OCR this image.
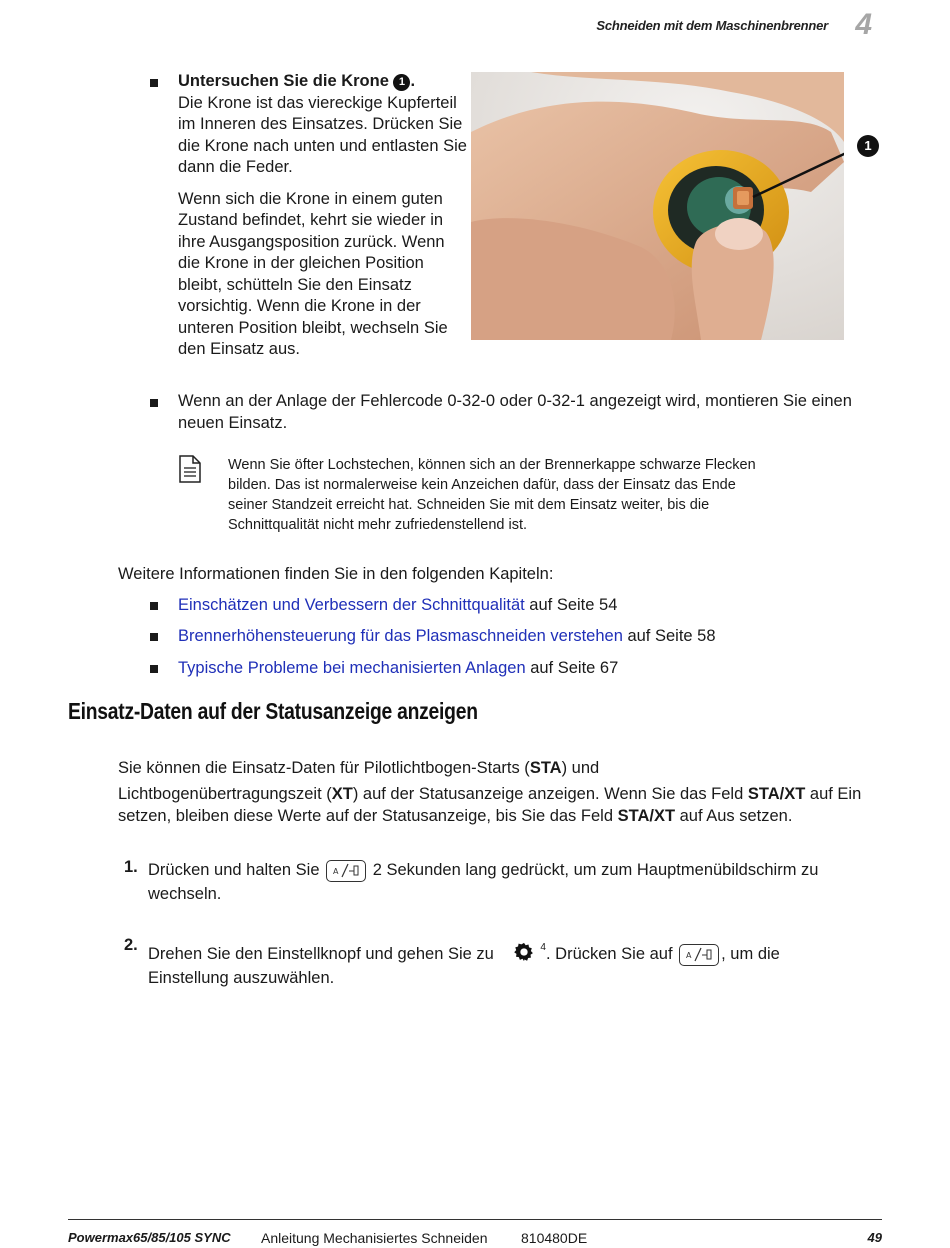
Schneiden mit dem Maschinenbrenner 4

Untersuchen Sie die Krone 1 .
Die Krone ist das viereckige Kupferteil im Inneren des Einsatzes. Drücken Sie die Krone nach unten und entlasten Sie dann die Feder.

Wenn sich die Krone in einem guten Zustand befindet, kehrt sie wieder in ihre Ausgangsposition zurück. Wenn die Krone in der gleichen Position bleibt, schütteln Sie den Einsatz vorsichtig. Wenn die Krone in der unteren Position bleibt, wechseln Sie den Einsatz aus.

1
Wenn an der Anlage der Fehlercode 0-32-0 oder 0-32-1 angezeigt wird, montieren Sie einen neuen Einsatz.
Wenn Sie öfter Lochstechen, können sich an der Brennerkappe schwarze Flecken bilden. Das ist normalerweise kein Anzeichen dafür, dass der Einsatz das Ende seiner Standzeit erreicht hat. Schneiden Sie mit dem Einsatz weiter, bis die Schnittqualität nicht mehr zufriedenstellend ist.
Weitere Informationen finden Sie in den folgenden Kapiteln:
Einschätzen und Verbessern der Schnittqualität auf Seite 54
Brennerhöhensteuerung für das Plasmaschneiden verstehen auf Seite 58
Typische Probleme bei mechanisierten Anlagen auf Seite 67
Einsatz-Daten auf der Statusanzeige anzeigen
Sie können die Einsatz-Daten für Pilotlichtbogen-Starts (STA) und
Lichtbogenübertragungszeit (XT) auf der Statusanzeige anzeigen. Wenn Sie das Feld STA/XT auf Ein setzen, bleiben diese Werte auf der Statusanzeige, bis Sie das Feld STA/XT auf Aus setzen.
1. Drücken und halten Sie A 2 Sekunden lang gedrückt, um zum Hauptmenübildschirm zu wechseln.
2. Drehen Sie den Einstellknopf und gehen Sie zu	$^4$. Drücken Sie auf A , um die Einstellung auszuwählen.
Powermax65/85/105 SYNC Anleitung Mechanisiertes Schneiden 810480DE	49
